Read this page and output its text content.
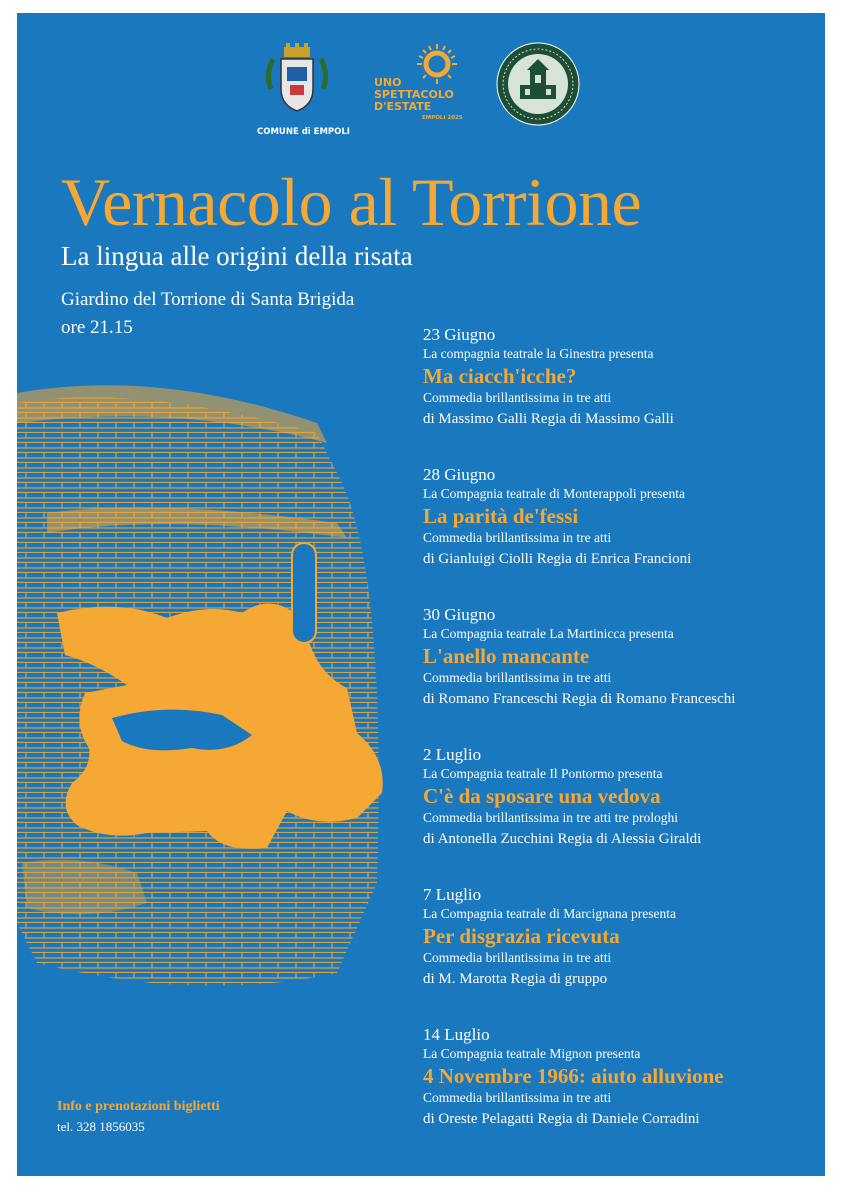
COMUNE di EMPOLI
UNO
SPETTACOLO
D'ESTATE
EMPOLI 2025
Vernacolo al Torrione

La lingua alle origini della risata

Giardino del Torrione di Santa Brigida

ore 21.15	23 Giugno
La compagnia teatrale la Ginestra presenta
Ma ciacch'icche?
Commedia brillantissima in tre atti
di Massimo Galli Regia di Massimo Galli
28 Giugno
La Compagnia teatrale di Monterappoli presenta
La parità de'fessi
Commedia brillantissima in tre atti
di Gianluigi Ciolli Regia di Enrica Francioni
30 Giugno
La Compagnia teatrale La Martinicca presenta
L'anello mancante
Commedia brillantissima in tre atti
di Romano Franceschi Regia di Romano Franceschi
2 Luglio
La Compagnia teatrale Il Pontormo presenta
C'è da sposare una vedova
Commedia brillantissima in tre atti tre prologhi
di Antonella Zucchini Regia di Alessia Giraldi
7 Luglio
La Compagnia teatrale di Marcignana presenta
Per disgrazia ricevuta
Commedia brillantissima in tre atti
di M. Marotta Regia di gruppo
14 Luglio
La Compagnia teatrale Mignon presenta
4 Novembre 1966: aiuto alluvione
Commedia brillantissima in tre atti
di Oreste Pelagatti Regia di Daniele Corradini
Info e prenotazioni biglietti
tel. 328 1856035
